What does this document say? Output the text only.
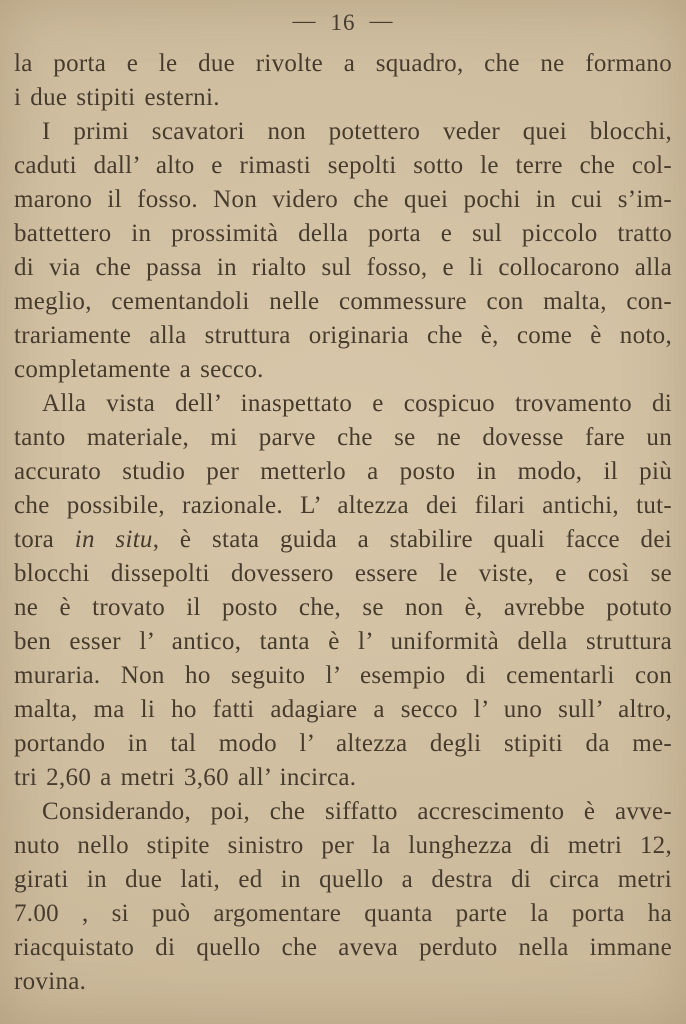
— 16 —
la porta e le due rivolte a squadro, che ne formano
i due stipiti esterni.
I primi scavatori non potettero veder quei blocchi,
caduti dall’ alto e rimasti sepolti sotto le terre che col-
marono il fosso. Non videro che quei pochi in cui s’im-
battettero in prossimità della porta e sul piccolo tratto
di via che passa in rialto sul fosso, e li collocarono alla
meglio, cementandoli nelle commessure con malta, con-
trariamente alla struttura originaria che è, come è noto,
completamente a secco.
Alla vista dell’ inaspettato e cospicuo trovamento di
tanto materiale, mi parve che se ne dovesse fare un
accurato studio per metterlo a posto in modo, il più
che possibile, razionale. L’ altezza dei filari antichi, tut-
tora in situ, è stata guida a stabilire quali facce dei
blocchi dissepolti dovessero essere le viste, e così se
ne è trovato il posto che, se non è, avrebbe potuto
ben esser l’ antico, tanta è l’ uniformità della struttura
muraria. Non ho seguito l’ esempio di cementarli con
malta, ma li ho fatti adagiare a secco l’ uno sull’ altro,
portando in tal modo l’ altezza degli stipiti da me-
tri 2,60 a metri 3,60 all’ incirca.
Considerando, poi, che siffatto accrescimento è avve-
nuto nello stipite sinistro per la lunghezza di metri 12,
girati in due lati, ed in quello a destra di circa metri
7.00 , si può argomentare quanta parte la porta ha
riacquistato di quello che aveva perduto nella immane
rovina.
